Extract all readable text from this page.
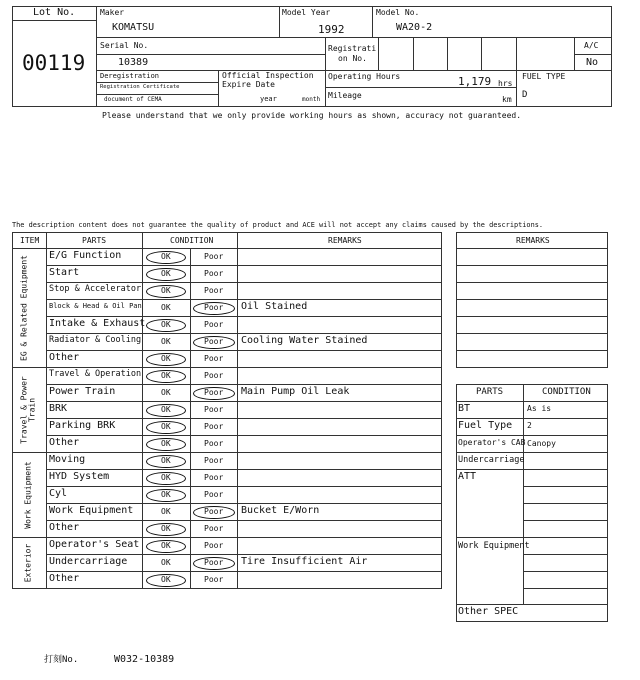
Lot No.
00119
Maker
KOMATSU
Model Year
1992
Model No.
WA20-2
Serial No.
10389
Registrati
on No.
A/C
No
Deregistration
Registration Certificate
document of CEMA
Official Inspection
Expire Date
year	month
Operating Hours	1,179 hrs
Mileage	km
FUEL TYPE
D
Please understand that we only provide working hours as shown, accuracy not guaranteed.
The description content does not guarantee the quality of product and ACE will not accept any claims caused by the descriptions.
ITEM	PARTS	CONDITION	REMARKS
EG & Related Equipment	E/G Function	OK	Poor
Start	OK	Poor
Stop & Accelerator OK	Poor
Block & Head & Oil Pan OK	Poor Oil Stained
Intake & Exhaust OK	Poor
Radiator & Cooling OK	Poor Cooling Water Stained
Other	OK	Poor
Travel & Power Train
Travel & Operation OK	Poor
Power Train	OK	Poor Main Pump Oil Leak
BRK	OK	Poor
Parking BRK	OK	Poor
Other	OK	Poor
Work Equipment
Moving	OK	Poor
HYD System	OK	Poor
Cyl	OK	Poor
Work Equipment	OK	Poor Bucket E/Worn
Other	OK	Poor
Exterior Operator's Seat	OK	Poor
Undercarriage	OK	Poor Tire Insufficient Air
Other	OK	Poor
REMARKS
PARTS	CONDITION
BT	As is
Fuel Type 2
Operator's CAB Canopy
Undercarriage
ATT
Work Equipment
Other SPEC
打刻No.	W032-10389
